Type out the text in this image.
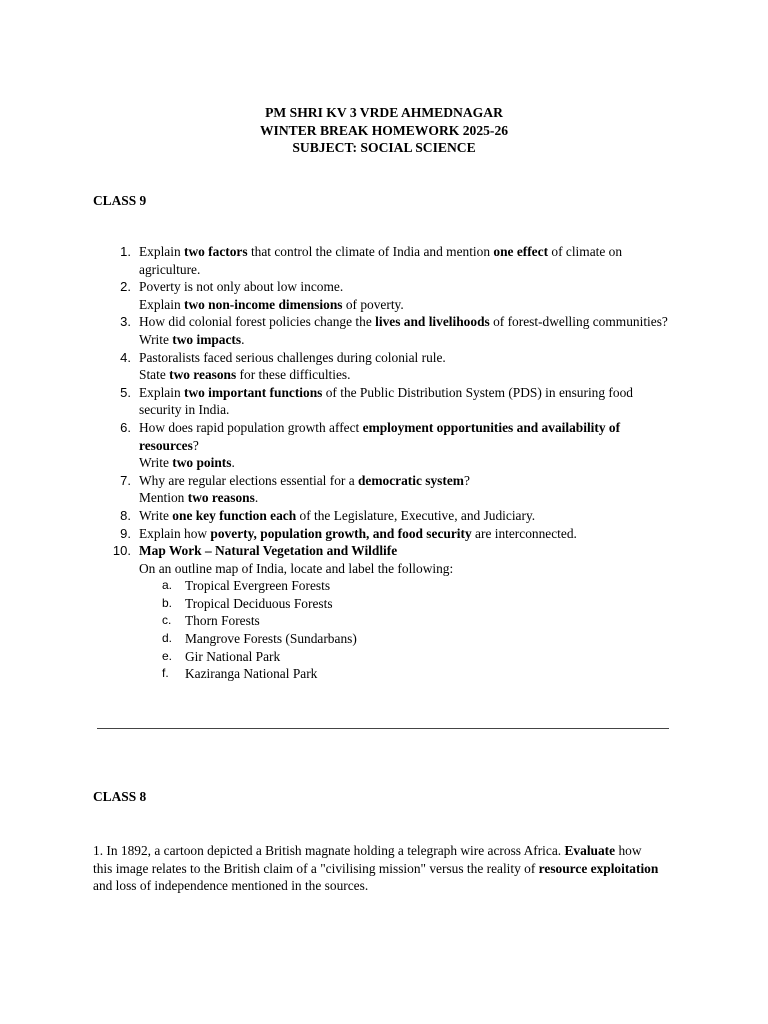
PM SHRI KV 3 VRDE AHMEDNAGAR
WINTER BREAK HOMEWORK 2025-26
SUBJECT: SOCIAL SCIENCE
CLASS 9
1. Explain two factors that control the climate of India and mention one effect of climate on agriculture.
2. Poverty is not only about low income.
Explain two non-income dimensions of poverty.
3. How did colonial forest policies change the lives and livelihoods of forest-dwelling communities?
Write two impacts.
4. Pastoralists faced serious challenges during colonial rule.
State two reasons for these difficulties.
5. Explain two important functions of the Public Distribution System (PDS) in ensuring food security in India.
6. How does rapid population growth affect employment opportunities and availability of resources?
Write two points.
7. Why are regular elections essential for a democratic system?
Mention two reasons.
8. Write one key function each of the Legislature, Executive, and Judiciary.
9. Explain how poverty, population growth, and food security are interconnected.
10. Map Work – Natural Vegetation and Wildlife
On an outline map of India, locate and label the following:
a. Tropical Evergreen Forests
b. Tropical Deciduous Forests
c. Thorn Forests
d. Mangrove Forests (Sundarbans)
e. Gir National Park
f. Kaziranga National Park
CLASS 8
1. In 1892, a cartoon depicted a British magnate holding a telegraph wire across Africa. Evaluate how this image relates to the British claim of a "civilising mission" versus the reality of resource exploitation and loss of independence mentioned in the sources.
